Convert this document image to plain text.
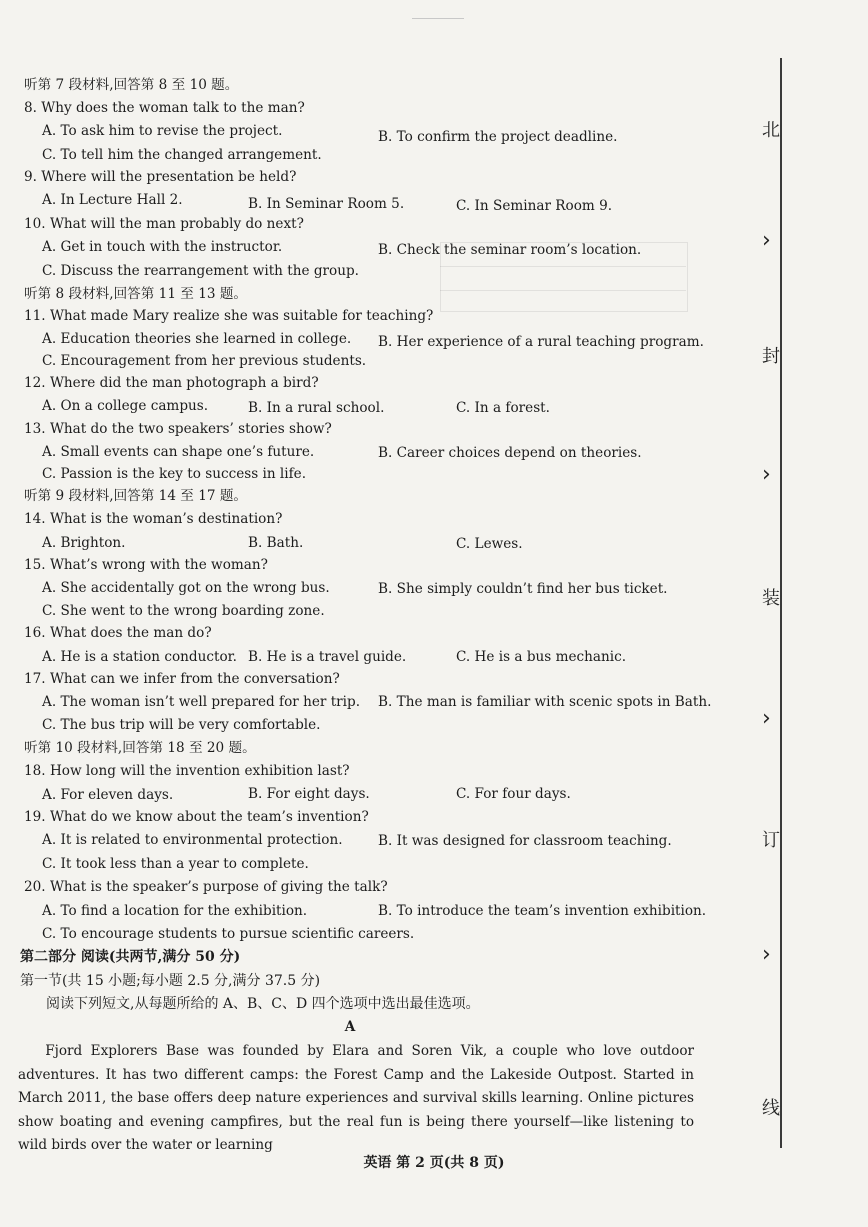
听第 7 段材料,回答第 8 至 10 题。
8. Why does the woman talk to the man?
A. To ask him to revise the project.	B. To confirm the project deadline.
C. To tell him the changed arrangement.
9. Where will the presentation be held?
A. In Lecture Hall 2.	B. In Seminar Room 5.	C. In Seminar Room 9.
10. What will the man probably do next?
A. Get in touch with the instructor.	B. Check the seminar room’s location.
C. Discuss the rearrangement with the group.
听第 8 段材料,回答第 11 至 13 题。
11. What made Mary realize she was suitable for teaching?
A. Education theories she learned in college. B. Her experience of a rural teaching program.
C. Encouragement from her previous students.
12. Where did the man photograph a bird?
A. On a college campus.	B. In a rural school.	C. In a forest.
13. What do the two speakers’ stories show?
A. Small events can shape one’s future.	B. Career choices depend on theories.
C. Passion is the key to success in life.
听第 9 段材料,回答第 14 至 17 题。
14. What is the woman’s destination?
A. Brighton.	B. Bath.	C. Lewes.
15. What’s wrong with the woman?
A. She accidentally got on the wrong bus.	B. She simply couldn’t find her bus ticket.
C. She went to the wrong boarding zone.
16. What does the man do?
A. He is a station conductor. B. He is a travel guide.	C. He is a bus mechanic.
17. What can we infer from the conversation?
A. The woman isn’t well prepared for her trip. B. The man is familiar with scenic spots in Bath.
C. The bus trip will be very comfortable.
听第 10 段材料,回答第 18 至 20 题。
18. How long will the invention exhibition last?
A. For eleven days.	B. For eight days.	C. For four days.
19. What do we know about the team’s invention?
A. It is related to environmental protection.	B. It was designed for classroom teaching.
C. It took less than a year to complete.
20. What is the speaker’s purpose of giving the talk?
A. To find a location for the exhibition.	B. To introduce the team’s invention exhibition.
C. To encourage students to pursue scientific careers.
第二部分 阅读(共两节,满分 50 分)
第一节(共 15 小题;每小题 2.5 分,满分 37.5 分)
阅读下列短文,从每题所给的 A、B、C、D 四个选项中选出最佳选项。
A
Fjord Explorers Base was founded by Elara and Soren Vik, a couple who love outdoor adventures. It has two different camps: the Forest Camp and the Lakeside Outpost. Started in March 2011, the base offers deep nature experiences and survival skills learning. Online pictures show boating and evening campfires, but the real fun is being there yourself—like listening to wild birds over the water or learning
英语 第 2 页(共 8 页)
北
›
封
›
装
›
订
›
线
